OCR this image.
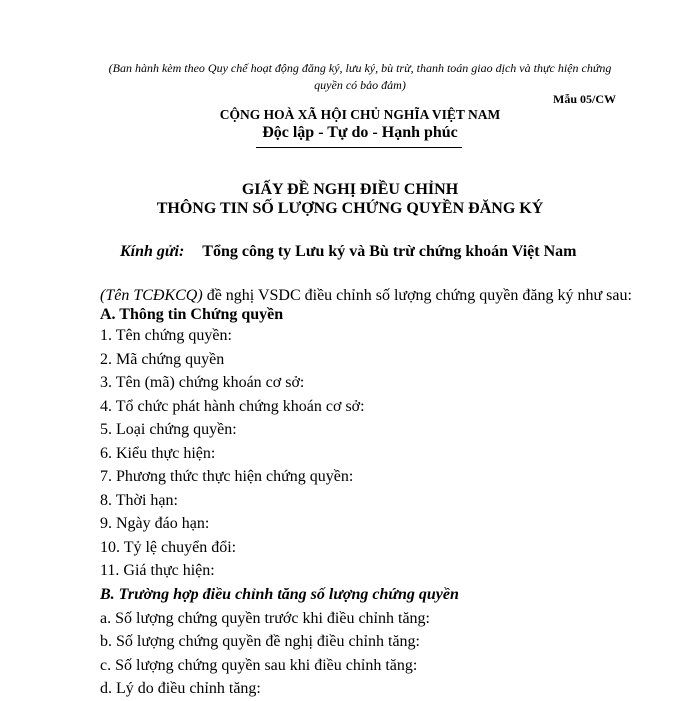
(Ban hành kèm theo Quy chế hoạt động đăng ký, lưu ký, bù trừ, thanh toán giao dịch và thực hiện chứng quyền có bảo đảm)
Mẫu 05/CW
CỘNG HOÀ XÃ HỘI CHỦ NGHĨA VIỆT NAM
Độc lập - Tự do - Hạnh phúc
GIẤY ĐỀ NGHỊ ĐIỀU CHỈNH
THÔNG TIN SỐ LƯỢNG CHỨNG QUYỀN ĐĂNG KÝ
Kính gửi: Tổng công ty Lưu ký và Bù trừ chứng khoán Việt Nam
(Tên TCĐKCQ) đề nghị VSDC điều chỉnh số lượng chứng quyền đăng ký như sau:
A. Thông tin Chứng quyền
1. Tên chứng quyền:
2. Mã chứng quyền
3. Tên (mã) chứng khoán cơ sở:
4. Tổ chức phát hành chứng khoán cơ sở:
5. Loại chứng quyền:
6. Kiểu thực hiện:
7. Phương thức thực hiện chứng quyền:
8. Thời hạn:
9. Ngày đáo hạn:
10. Tỷ lệ chuyển đổi:
11. Giá thực hiện:
B. Trường hợp điều chỉnh tăng số lượng chứng quyền
a. Số lượng chứng quyền trước khi điều chỉnh tăng:
b. Số lượng chứng quyền đề nghị điều chỉnh tăng:
c. Số lượng chứng quyền sau khi điều chỉnh tăng:
d. Lý do điều chỉnh tăng:
